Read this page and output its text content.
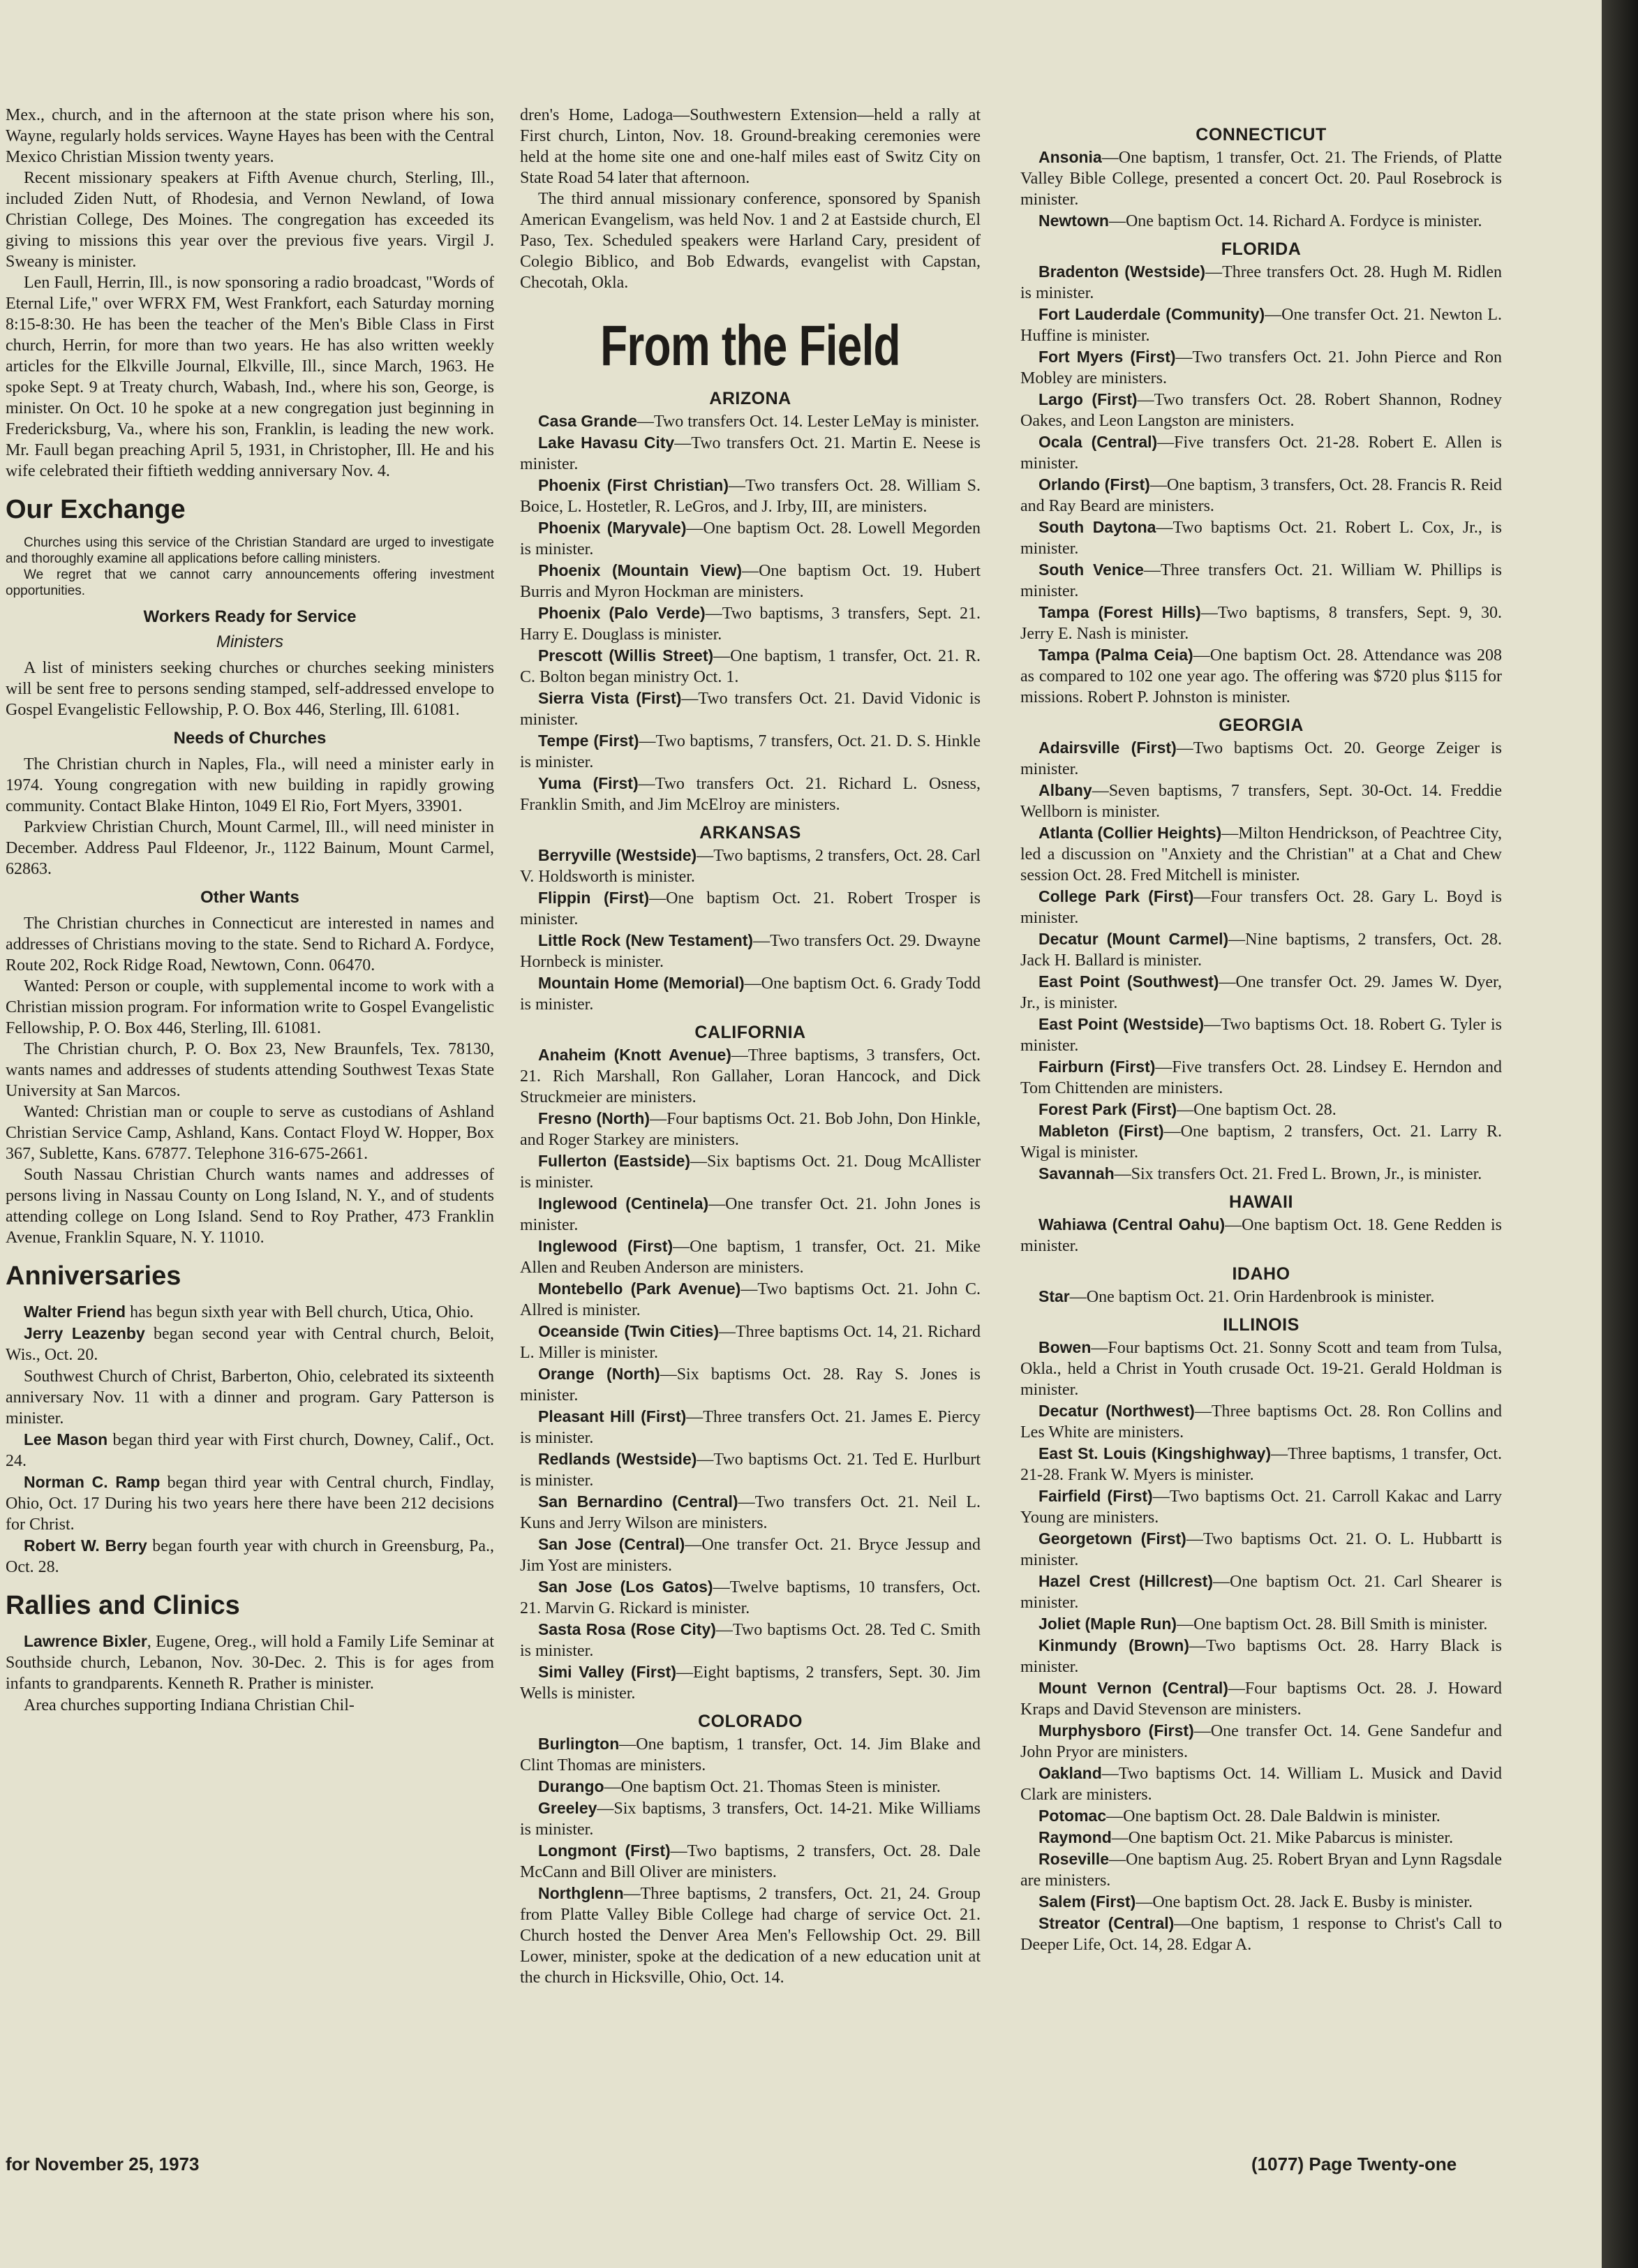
Mex., church, and in the afternoon at the state prison where his son, Wayne, regularly holds services. Wayne Hayes has been with the Central Mexico Christian Mission twenty years.

Recent missionary speakers at Fifth Avenue church, Sterling, Ill., included Ziden Nutt, of Rhodesia, and Vernon Newland, of Iowa Christian College, Des Moines. The congregation has exceeded its giving to missions this year over the previous five years. Virgil J. Sweany is minister.

Len Faull, Herrin, Ill., is now sponsoring a radio broadcast, "Words of Eternal Life," over WFRX FM, West Frankfort, each Saturday morning 8:15-8:30. He has been the teacher of the Men's Bible Class in First church, Herrin, for more than two years. He has also written weekly articles for the Elkville Journal, Elkville, Ill., since March, 1963. He spoke Sept. 9 at Treaty church, Wabash, Ind., where his son, George, is minister. On Oct. 10 he spoke at a new congregation just beginning in Fredericksburg, Va., where his son, Franklin, is leading the new work. Mr. Faull began preaching April 5, 1931, in Christopher, Ill. He and his wife celebrated their fiftieth wedding anniversary Nov. 4.

Our Exchange

Churches using this service of the Christian Standard are urged to investigate and thoroughly examine all applications before calling ministers.

We regret that we cannot carry announcements offering investment opportunities.

Workers Ready for Service
Ministers

A list of ministers seeking churches or churches seeking ministers will be sent free to persons sending stamped, self-addressed envelope to Gospel Evangelistic Fellowship, P. O. Box 446, Sterling, Ill. 61081.

Needs of Churches

The Christian church in Naples, Fla., will need a minister early in 1974. Young congregation with new building in rapidly growing community. Contact Blake Hinton, 1049 El Rio, Fort Myers, 33901.

Parkview Christian Church, Mount Carmel, Ill., will need minister in December. Address Paul Fldeenor, Jr., 1122 Bainum, Mount Carmel, 62863.

Other Wants

The Christian churches in Connecticut are interested in names and addresses of Christians moving to the state. Send to Richard A. Fordyce, Route 202, Rock Ridge Road, Newtown, Conn. 06470.

Wanted: Person or couple, with supplemental income to work with a Christian mission program. For information write to Gospel Evangelistic Fellowship, P. O. Box 446, Sterling, Ill. 61081.

The Christian church, P. O. Box 23, New Braunfels, Tex. 78130, wants names and addresses of students attending Southwest Texas State University at San Marcos.

Wanted: Christian man or couple to serve as custodians of Ashland Christian Service Camp, Ashland, Kans. Contact Floyd W. Hopper, Box 367, Sublette, Kans. 67877. Telephone 316-675-2661.

South Nassau Christian Church wants names and addresses of persons living in Nassau County on Long Island, N. Y., and of students attending college on Long Island. Send to Roy Prather, 473 Franklin Avenue, Franklin Square, N. Y. 11010.

Anniversaries

Walter Friend has begun sixth year with Bell church, Utica, Ohio.

Jerry Leazenby began second year with Central church, Beloit, Wis., Oct. 20.

Southwest Church of Christ, Barberton, Ohio, celebrated its sixteenth anniversary Nov. 11 with a dinner and program. Gary Patterson is minister.

Lee Mason began third year with First church, Downey, Calif., Oct. 24.

Norman C. Ramp began third year with Central church, Findlay, Ohio, Oct. 17 During his two years here there have been 212 decisions for Christ.

Robert W. Berry began fourth year with church in Greensburg, Pa., Oct. 28.

Rallies and Clinics

Lawrence Bixler, Eugene, Oreg., will hold a Family Life Seminar at Southside church, Lebanon, Nov. 30-Dec. 2. This is for ages from infants to grandparents. Kenneth R. Prather is minister.

Area churches supporting Indiana Christian Chil-

dren's Home, Ladoga—Southwestern Extension—held a rally at First church, Linton, Nov. 18. Ground-breaking ceremonies were held at the home site one and one-half miles east of Switz City on State Road 54 later that afternoon.

The third annual missionary conference, sponsored by Spanish American Evangelism, was held Nov. 1 and 2 at Eastside church, El Paso, Tex. Scheduled speakers were Harland Cary, president of Colegio Biblico, and Bob Edwards, evangelist with Capstan, Checotah, Okla.

From the Field
ARIZONA

Casa Grande—Two transfers Oct. 14. Lester LeMay is minister.

Lake Havasu City—Two transfers Oct. 21. Martin E. Neese is minister.

Phoenix (First Christian)—Two transfers Oct. 28. William S. Boice, L. Hostetler, R. LeGros, and J. Irby, III, are ministers.

Phoenix (Maryvale)—One baptism Oct. 28. Lowell Megorden is minister.

Phoenix (Mountain View)—One baptism Oct. 19. Hubert Burris and Myron Hockman are ministers.

Phoenix (Palo Verde)—Two baptisms, 3 transfers, Sept. 21. Harry E. Douglass is minister.

Prescott (Willis Street)—One baptism, 1 transfer, Oct. 21. R. C. Bolton began ministry Oct. 1.

Sierra Vista (First)—Two transfers Oct. 21. David Vidonic is minister.

Tempe (First)—Two baptisms, 7 transfers, Oct. 21. D. S. Hinkle is minister.

Yuma (First)—Two transfers Oct. 21. Richard L. Osness, Franklin Smith, and Jim McElroy are ministers.

ARKANSAS

Berryville (Westside)—Two baptisms, 2 transfers, Oct. 28. Carl V. Holdsworth is minister.

Flippin (First)—One baptism Oct. 21. Robert Trosper is minister.

Little Rock (New Testament)—Two transfers Oct. 29. Dwayne Hornbeck is minister.

Mountain Home (Memorial)—One baptism Oct. 6. Grady Todd is minister.

CALIFORNIA

Anaheim (Knott Avenue)—Three baptisms, 3 transfers, Oct. 21. Rich Marshall, Ron Gallaher, Loran Hancock, and Dick Struckmeier are ministers.

Fresno (North)—Four baptisms Oct. 21. Bob John, Don Hinkle, and Roger Starkey are ministers.

Fullerton (Eastside)—Six baptisms Oct. 21. Doug McAllister is minister.

Inglewood (Centinela)—One transfer Oct. 21. John Jones is minister.

Inglewood (First)—One baptism, 1 transfer, Oct. 21. Mike Allen and Reuben Anderson are ministers.

Montebello (Park Avenue)—Two baptisms Oct. 21. John C. Allred is minister.

Oceanside (Twin Cities)—Three baptisms Oct. 14, 21. Richard L. Miller is minister.

Orange (North)—Six baptisms Oct. 28. Ray S. Jones is minister.

Pleasant Hill (First)—Three transfers Oct. 21. James E. Piercy is minister.

Redlands (Westside)—Two baptisms Oct. 21. Ted E. Hurlburt is minister.

San Bernardino (Central)—Two transfers Oct. 21. Neil L. Kuns and Jerry Wilson are ministers.

San Jose (Central)—One transfer Oct. 21. Bryce Jessup and Jim Yost are ministers.

San Jose (Los Gatos)—Twelve baptisms, 10 transfers, Oct. 21. Marvin G. Rickard is minister.

Sasta Rosa (Rose City)—Two baptisms Oct. 28. Ted C. Smith is minister.

Simi Valley (First)—Eight baptisms, 2 transfers, Sept. 30. Jim Wells is minister.

COLORADO

Burlington—One baptism, 1 transfer, Oct. 14. Jim Blake and Clint Thomas are ministers.

Durango—One baptism Oct. 21. Thomas Steen is minister.

Greeley—Six baptisms, 3 transfers, Oct. 14-21. Mike Williams is minister.

Longmont (First)—Two baptisms, 2 transfers, Oct. 28. Dale McCann and Bill Oliver are ministers.

Northglenn—Three baptisms, 2 transfers, Oct. 21, 24. Group from Platte Valley Bible College had charge of service Oct. 21. Church hosted the Denver Area Men's Fellowship Oct. 29. Bill Lower, minister, spoke at the dedication of a new education unit at the church in Hicksville, Ohio, Oct. 14.

CONNECTICUT

Ansonia—One baptism, 1 transfer, Oct. 21. The Friends, of Platte Valley Bible College, presented a concert Oct. 20. Paul Rosebrock is minister.

Newtown—One baptism Oct. 14. Richard A. Fordyce is minister.

FLORIDA

Bradenton (Westside)—Three transfers Oct. 28. Hugh M. Ridlen is minister.

Fort Lauderdale (Community)—One transfer Oct. 21. Newton L. Huffine is minister.

Fort Myers (First)—Two transfers Oct. 21. John Pierce and Ron Mobley are ministers.

Largo (First)—Two transfers Oct. 28. Robert Shannon, Rodney Oakes, and Leon Langston are ministers.

Ocala (Central)—Five transfers Oct. 21-28. Robert E. Allen is minister.

Orlando (First)—One baptism, 3 transfers, Oct. 28. Francis R. Reid and Ray Beard are ministers.

South Daytona—Two baptisms Oct. 21. Robert L. Cox, Jr., is minister.

South Venice—Three transfers Oct. 21. William W. Phillips is minister.

Tampa (Forest Hills)—Two baptisms, 8 transfers, Sept. 9, 30. Jerry E. Nash is minister.

Tampa (Palma Ceia)—One baptism Oct. 28. Attendance was 208 as compared to 102 one year ago. The offering was $720 plus $115 for missions. Robert P. Johnston is minister.

GEORGIA

Adairsville (First)—Two baptisms Oct. 20. George Zeiger is minister.

Albany—Seven baptisms, 7 transfers, Sept. 30-Oct. 14. Freddie Wellborn is minister.

Atlanta (Collier Heights)—Milton Hendrickson, of Peachtree City, led a discussion on "Anxiety and the Christian" at a Chat and Chew session Oct. 28. Fred Mitchell is minister.

College Park (First)—Four transfers Oct. 28. Gary L. Boyd is minister.

Decatur (Mount Carmel)—Nine baptisms, 2 transfers, Oct. 28. Jack H. Ballard is minister.

East Point (Southwest)—One transfer Oct. 29. James W. Dyer, Jr., is minister.

East Point (Westside)—Two baptisms Oct. 18. Robert G. Tyler is minister.

Fairburn (First)—Five transfers Oct. 28. Lindsey E. Herndon and Tom Chittenden are ministers.

Forest Park (First)—One baptism Oct. 28.

Mableton (First)—One baptism, 2 transfers, Oct. 21. Larry R. Wigal is minister.

Savannah—Six transfers Oct. 21. Fred L. Brown, Jr., is minister.

HAWAII

Wahiawa (Central Oahu)—One baptism Oct. 18. Gene Redden is minister.

IDAHO

Star—One baptism Oct. 21. Orin Hardenbrook is minister.

ILLINOIS

Bowen—Four baptisms Oct. 21. Sonny Scott and team from Tulsa, Okla., held a Christ in Youth crusade Oct. 19-21. Gerald Holdman is minister.

Decatur (Northwest)—Three baptisms Oct. 28. Ron Collins and Les White are ministers.

East St. Louis (Kingshighway)—Three baptisms, 1 transfer, Oct. 21-28. Frank W. Myers is minister.

Fairfield (First)—Two baptisms Oct. 21. Carroll Kakac and Larry Young are ministers.

Georgetown (First)—Two baptisms Oct. 21. O. L. Hubbartt is minister.

Hazel Crest (Hillcrest)—One baptism Oct. 21. Carl Shearer is minister.

Joliet (Maple Run)—One baptism Oct. 28. Bill Smith is minister.

Kinmundy (Brown)—Two baptisms Oct. 28. Harry Black is minister.

Mount Vernon (Central)—Four baptisms Oct. 28. J. Howard Kraps and David Stevenson are ministers.

Murphysboro (First)—One transfer Oct. 14. Gene Sandefur and John Pryor are ministers.

Oakland—Two baptisms Oct. 14. William L. Musick and David Clark are ministers.

Potomac—One baptism Oct. 28. Dale Baldwin is minister.

Raymond—One baptism Oct. 21. Mike Pabarcus is minister.

Roseville—One baptism Aug. 25. Robert Bryan and Lynn Ragsdale are ministers.

Salem (First)—One baptism Oct. 28. Jack E. Busby is minister.

Streator (Central)—One baptism, 1 response to Christ's Call to Deeper Life, Oct. 14, 28. Edgar A.

for November 25, 1973	(1077) Page Twenty-one
